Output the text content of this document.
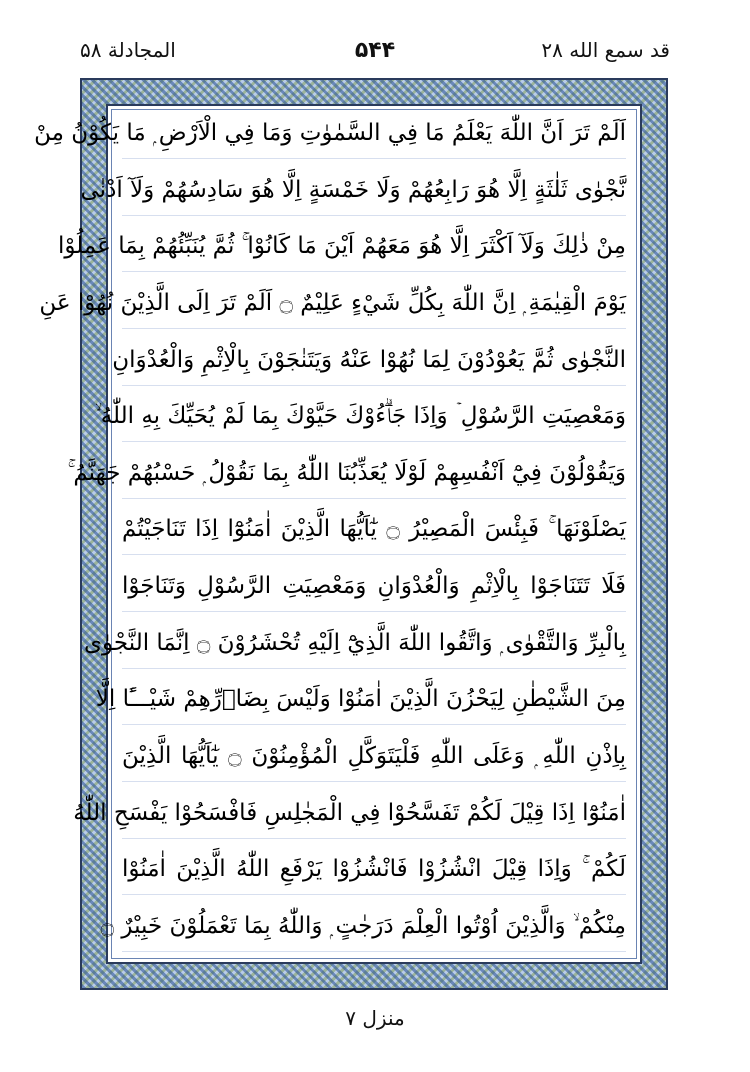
المجادلة ۵۸	۵۴۴	قد سمع الله ۲۸
اَلَمْ تَرَ اَنَّ اللّٰهَ يَعْلَمُ مَا فِي السَّمٰوٰتِ وَمَا فِي الْاَرْضِ ۭ مَا يَكُوْنُ مِنْ
نَّجْوٰى ثَلٰثَةٍ اِلَّا هُوَ رَابِعُهُمْ وَلَا خَمْسَةٍ اِلَّا هُوَ سَادِسُهُمْ وَلَآ اَدْنٰى
مِنْ ذٰلِكَ وَلَآ اَكْثَرَ اِلَّا هُوَ مَعَهُمْ اَيْنَ مَا كَانُوْا ۚ ثُمَّ يُنَبِّئُهُمْ بِمَا عَمِلُوْا
يَوْمَ الْقِيٰمَةِ ۭ اِنَّ اللّٰهَ بِكُلِّ شَيْءٍ عَلِيْمٌ ۝ اَلَمْ تَرَ اِلَى الَّذِيْنَ نُهُوْا عَنِ
النَّجْوٰى ثُمَّ يَعُوْدُوْنَ لِمَا نُهُوْا عَنْهُ وَيَتَنٰجَوْنَ بِالْاِثْمِ وَالْعُدْوَانِ
وَمَعْصِيَتِ الرَّسُوْلِ ۡ وَاِذَا جَاۗءُوْكَ حَيَّوْكَ بِمَا لَمْ يُحَيِّكَ بِهِ اللّٰهُ ۙ
وَيَقُوْلُوْنَ فِيْٓ اَنْفُسِهِمْ لَوْلَا يُعَذِّبُنَا اللّٰهُ بِمَا نَقُوْلُ ۭ حَسْبُهُمْ جَهَنَّمُ ۚ
يَصْلَوْنَهَا ۚ فَبِئْسَ الْمَصِيْرُ ۝ يٰٓاَيُّهَا الَّذِيْنَ اٰمَنُوْٓا اِذَا تَنَاجَيْتُمْ
فَلَا تَتَنَاجَوْا بِالْاِثْمِ وَالْعُدْوَانِ وَمَعْصِيَتِ الرَّسُوْلِ وَتَنَاجَوْا
بِالْبِرِّ وَالتَّقْوٰى ۭ وَاتَّقُوا اللّٰهَ الَّذِيْٓ اِلَيْهِ تُحْشَرُوْنَ ۝ اِنَّمَا النَّجْوٰى
مِنَ الشَّيْطٰنِ لِيَحْزُنَ الَّذِيْنَ اٰمَنُوْا وَلَيْسَ بِضَاۗرِّهِمْ شَيْـــًٔا اِلَّا
بِاِذْنِ اللّٰهِ ۭ وَعَلَى اللّٰهِ فَلْيَتَوَكَّلِ الْمُؤْمِنُوْنَ ۝ يٰٓاَيُّهَا الَّذِيْنَ
اٰمَنُوْٓا اِذَا قِيْلَ لَكُمْ تَفَسَّحُوْا فِي الْمَجٰلِسِ فَافْسَحُوْا يَفْسَحِ اللّٰهُ
لَكُمْ ۚ وَاِذَا قِيْلَ انْشُزُوْا فَانْشُزُوْا يَرْفَعِ اللّٰهُ الَّذِيْنَ اٰمَنُوْا
مِنْكُمْ ۙ وَالَّذِيْنَ اُوْتُوا الْعِلْمَ دَرَجٰتٍ ۭ وَاللّٰهُ بِمَا تَعْمَلُوْنَ خَبِيْرٌ ۝
منزل ۷
